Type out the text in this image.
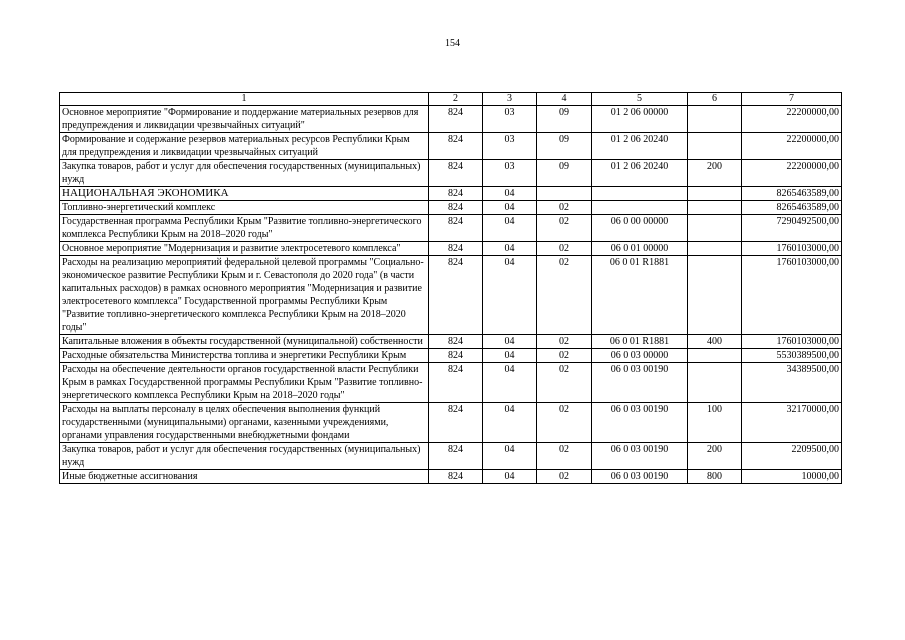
154
1	2	3	4	5	6	7
Основное мероприятие "Формирование и поддержание материальных резервов для предупреждения и ликвидации чрезвычайных ситуаций"	824	03	09	01 2 06 00000		22200000,00
Формирование и содержание резервов материальных ресурсов Республики Крым для предупреждения и ликвидации чрезвычайных ситуаций	824	03	09	01 2 06 20240		22200000,00
Закупка товаров, работ и услуг для обеспечения государственных (муниципальных) нужд	824	03	09	01 2 06 20240	200	22200000,00
НАЦИОНАЛЬНАЯ ЭКОНОМИКА	824	04				8265463589,00
Топливно-энергетический комплекс	824	04	02			8265463589,00
Государственная программа Республики Крым "Развитие топливно-энергетического комплекса Республики Крым на 2018–2020 годы"	824	04	02	06 0 00 00000		7290492500,00
Основное мероприятие "Модернизация и развитие электросетевого комплекса"	824	04	02	06 0 01 00000		1760103000,00
Расходы на реализацию мероприятий федеральной целевой программы "Социально-экономическое развитие Республики Крым и г. Севастополя до 2020 года" (в части капитальных расходов) в рамках основного мероприятия "Модернизация и развитие электросетевого комплекса" Государственной программы Республики Крым "Развитие топливно-энергетического комплекса Республики Крым на 2018–2020 годы"	824	04	02	06 0 01 R1881		1760103000,00
Капитальные вложения в объекты государственной (муниципальной) собственности	824	04	02	06 0 01 R1881	400	1760103000,00
Расходные обязательства Министерства топлива и энергетики Республики Крым	824	04	02	06 0 03 00000		5530389500,00
Расходы на обеспечение деятельности органов государственной власти Республики Крым в рамках Государственной программы Республики Крым "Развитие топливно-энергетического комплекса Республики Крым на 2018–2020 годы"	824	04	02	06 0 03 00190		34389500,00
Расходы на выплаты персоналу в целях обеспечения выполнения функций государственными (муниципальными) органами, казенными учреждениями, органами управления государственными внебюджетными фондами	824	04	02	06 0 03 00190	100	32170000,00
Закупка товаров, работ и услуг для обеспечения государственных (муниципальных) нужд	824	04	02	06 0 03 00190	200	2209500,00
Иные бюджетные ассигнования	824	04	02	06 0 03 00190	800	10000,00
